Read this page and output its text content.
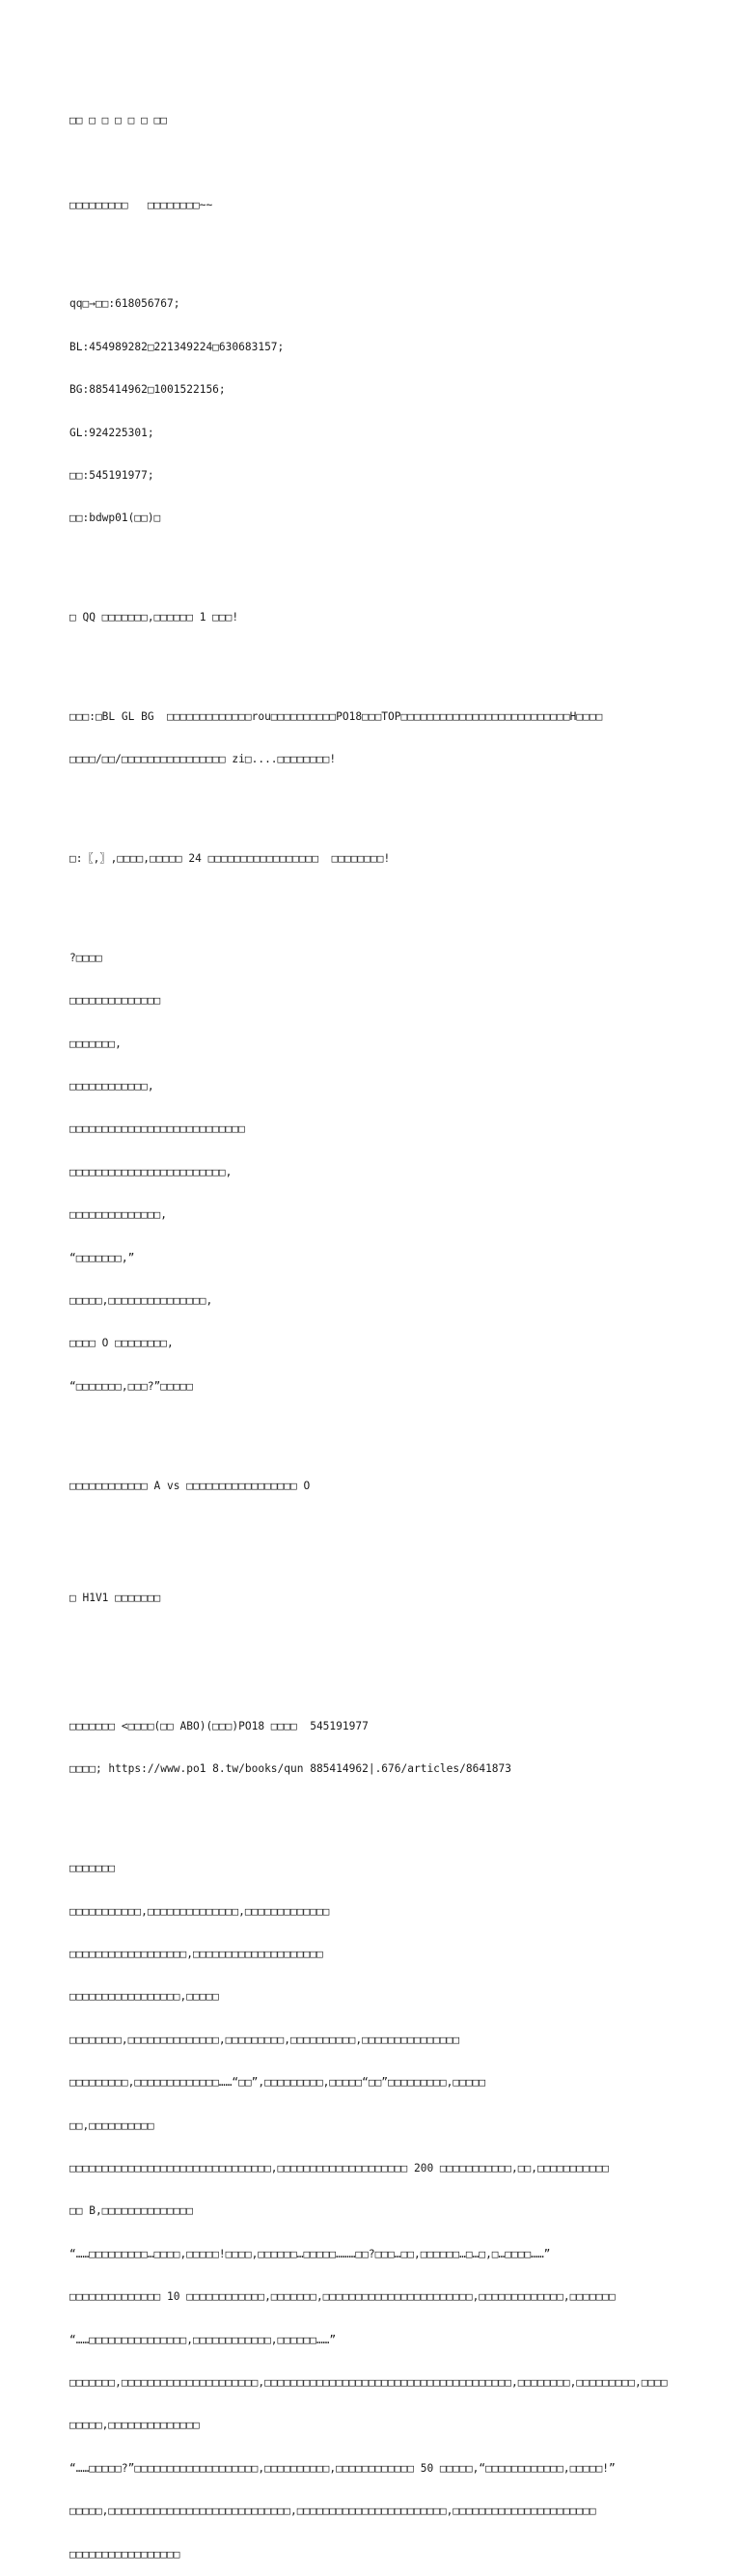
□□ □ □ □ □ □ □□

□□□□□□□□□   □□□□□□□□~~

qq□→□□:618056767;

BL:454989282□221349224□630683157;

BG:885414962□1001522156;

GL:924225301;

□□:545191977;

□□:bdwp01(□□)□

□ QQ □□□□□□□,□□□□□□ 1 □□□!

□□□:□BL GL BG  □□□□□□□□□□□□□rou□□□□□□□□□□PO18□□□TOP□□□□□□□□□□□□□□□□□□□□□□□□□□H□□□□

□□□□/□□/□□□□□□□□□□□□□□□□ zi□....□□□□□□□□!

□:〖,〗,□□□□,□□□□□ 24 □□□□□□□□□□□□□□□□□  □□□□□□□□!

?□□□□

□□□□□□□□□□□□□□

□□□□□□□,

□□□□□□□□□□□□,

□□□□□□□□□□□□□□□□□□□□□□□□□□□

□□□□□□□□□□□□□□□□□□□□□□□□,

□□□□□□□□□□□□□□,

“□□□□□□□,”

□□□□□,□□□□□□□□□□□□□□□,

□□□□ O □□□□□□□□,

“□□□□□□□,□□□?”□□□□□

□□□□□□□□□□□□ A vs □□□□□□□□□□□□□□□□□ O

□ H1V1 □□□□□□□

□□□□□□□ <□□□□(□□ ABO)(□□□)PO18 □□□□  545191977

□□□□; https://www.po1 8.tw/books/qun 885414962|.676/articles/8641873

□□□□□□□

□□□□□□□□□□□,□□□□□□□□□□□□□□,□□□□□□□□□□□□□

□□□□□□□□□□□□□□□□□□,□□□□□□□□□□□□□□□□□□□□

□□□□□□□□□□□□□□□□□,□□□□□

□□□□□□□□,□□□□□□□□□□□□□□,□□□□□□□□□,□□□□□□□□□□,□□□□□□□□□□□□□□□

□□□□□□□□□,□□□□□□□□□□□□□……“□□”,□□□□□□□□□,□□□□□“□□”□□□□□□□□□,□□□□□

□□,□□□□□□□□□□

□□□□□□□□□□□□□□□□□□□□□□□□□□□□□□□,□□□□□□□□□□□□□□□□□□□□ 200 □□□□□□□□□□□,□□,□□□□□□□□□□□

□□ B,□□□□□□□□□□□□□□

“……□□□□□□□□□…□□□□,□□□□□!□□□□,□□□□□□…□□□□□………□□?□□□…□□,□□□□□□…□…□,□…□□□□……”

□□□□□□□□□□□□□□ 10 □□□□□□□□□□□□,□□□□□□□,□□□□□□□□□□□□□□□□□□□□□□□,□□□□□□□□□□□□□,□□□□□□□

“……□□□□□□□□□□□□□□□,□□□□□□□□□□□□,□□□□□□……”

□□□□□□□,□□□□□□□□□□□□□□□□□□□□□,□□□□□□□□□□□□□□□□□□□□□□□□□□□□□□□□□□□□□□,□□□□□□□□,□□□□□□□□□,□□□□

□□□□□,□□□□□□□□□□□□□□

“……□□□□□?”□□□□□□□□□□□□□□□□□□□,□□□□□□□□□□,□□□□□□□□□□□□ 50 □□□□□,“□□□□□□□□□□□□,□□□□□!”

□□□□□,□□□□□□□□□□□□□□□□□□□□□□□□□□□□,□□□□□□□□□□□□□□□□□□□□□□□,□□□□□□□□□□□□□□□□□□□□□□

□□□□□□□□□□□□□□□□□
